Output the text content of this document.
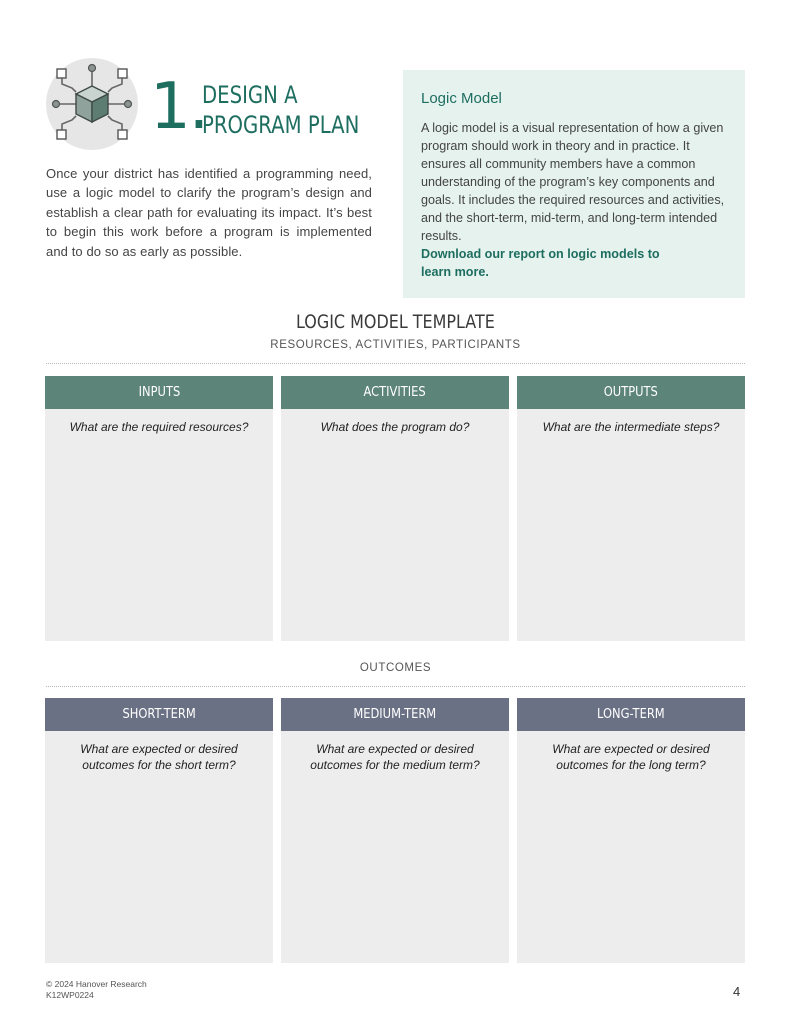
1.
DESIGN A
PROGRAM PLAN
Once your district has identified a programming need, use a logic model to clarify the program’s design and establish a clear path for evaluating its impact. It’s best to begin this work before a program is implemented and to do so as early as possible.
Logic Model
A logic model is a visual representation of how a given program should work in theory and in practice. It ensures all community members have a common understanding of the program’s key components and goals. It includes the required resources and activities, and the short-term, mid-term, and long-term intended results.
Download our report on logic models to learn more.
LOGIC MODEL TEMPLATE
RESOURCES, ACTIVITIES, PARTICIPANTS
INPUTS
What are the required resources?
ACTIVITIES
What does the program do?
OUTPUTS
What are the intermediate steps?
OUTCOMES
SHORT-TERM
What are expected or desired outcomes for the short term?
MEDIUM-TERM
What are expected or desired outcomes for the medium term?
LONG-TERM
What are expected or desired outcomes for the long term?
© 2024 Hanover Research
K12WP0224	4
